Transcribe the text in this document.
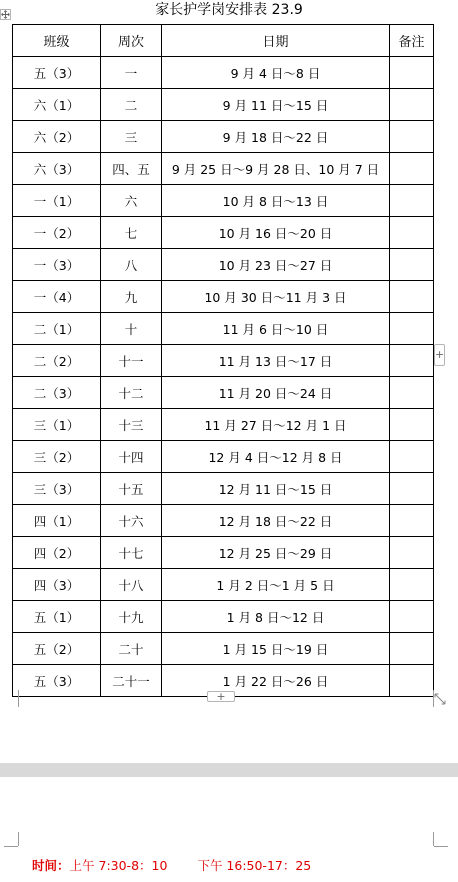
家长护学岗安排表 23.9
班级	周次	日期	备注
五（3）	一	9 月 4 日～8 日	
六（1）	二	9 月 11 日～15 日	
六（2）	三	9 月 18 日～22 日	
六（3）	四、五	9 月 25 日～9 月 28 日、10 月 7 日	
一（1）	六	10 月 8 日～13 日	
一（2）	七	10 月 16 日～20 日	
一（3）	八	10 月 23 日～27 日	
一（4）	九	10 月 30 日～11 月 3 日	
二（1）	十	11 月 6 日～10 日	
二（2）	十一	11 月 13 日～17 日	
二（3）	十二	11 月 20 日～24 日	
三（1）	十三	11 月 27 日～12 月 1 日	
三（2）	十四	12 月 4 日～12 月 8 日	
三（3）	十五	12 月 11 日～15 日	
四（1）	十六	12 月 18 日～22 日	
四（2）	十七	12 月 25 日～29 日	
四（3）	十八	1 月 2 日～1 月 5 日	
五（1）	十九	1 月 8 日～12 日	
五（2）	二十	1 月 15 日～19 日	
五（3）	二十一	1 月 22 日～26 日	
+
+
时间：上午 7:30-8：10 下午 16:50-17：25
